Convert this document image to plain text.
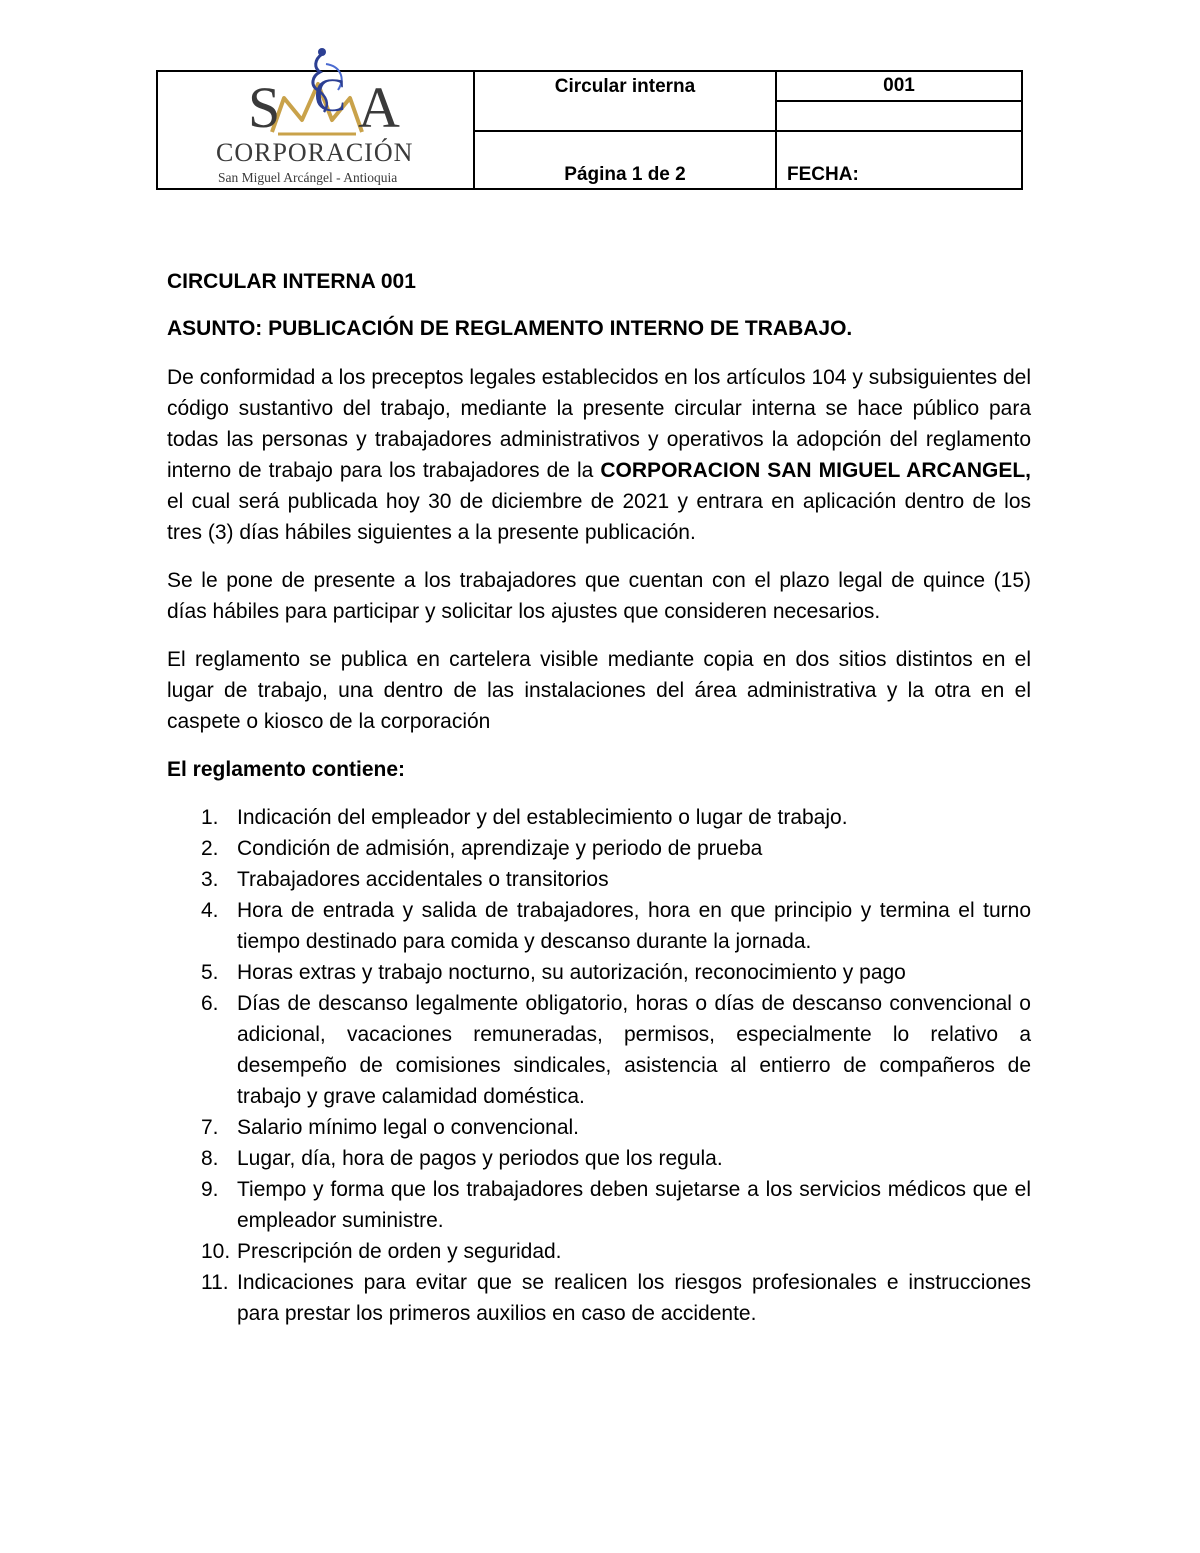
S C A
CORPORACIÓN
San Miguel Arcángel - Antioquia	Circular interna	001

	Página 1 de 2	FECHA:

CIRCULAR INTERNA 001

ASUNTO: PUBLICACIÓN DE REGLAMENTO INTERNO DE TRABAJO.

De conformidad a los preceptos legales establecidos en los artículos 104 y subsiguientes del código sustantivo del trabajo, mediante la presente circular interna se hace público para todas las personas y trabajadores administrativos y operativos la adopción del reglamento interno de trabajo para los trabajadores de la CORPORACION SAN MIGUEL ARCANGEL, el cual será publicada hoy 30 de diciembre de 2021 y entrara en aplicación dentro de los tres (3) días hábiles siguientes a la presente publicación.

Se le pone de presente a los trabajadores que cuentan con el plazo legal de quince (15) días hábiles para participar y solicitar los ajustes que consideren necesarios.

El reglamento se publica en cartelera visible mediante copia en dos sitios distintos en el lugar de trabajo, una dentro de las instalaciones del área administrativa y la otra en el caspete o kiosco de la corporación

El reglamento contiene:

1. Indicación del empleador y del establecimiento o lugar de trabajo.
2. Condición de admisión, aprendizaje y periodo de prueba
3. Trabajadores accidentales o transitorios
4. Hora de entrada y salida de trabajadores, hora en que principio y termina el turno tiempo destinado para comida y descanso durante la jornada.
5. Horas extras y trabajo nocturno, su autorización, reconocimiento y pago
6. Días de descanso legalmente obligatorio, horas o días de descanso convencional o adicional, vacaciones remuneradas, permisos, especialmente lo relativo a desempeño de comisiones sindicales, asistencia al entierro de compañeros de trabajo y grave calamidad doméstica.
7. Salario mínimo legal o convencional.
8. Lugar, día, hora de pagos y periodos que los regula.
9. Tiempo y forma que los trabajadores deben sujetarse a los servicios médicos que el empleador suministre.
10. Prescripción de orden y seguridad.
11. Indicaciones para evitar que se realicen los riesgos profesionales e instrucciones para prestar los primeros auxilios en caso de accidente.
